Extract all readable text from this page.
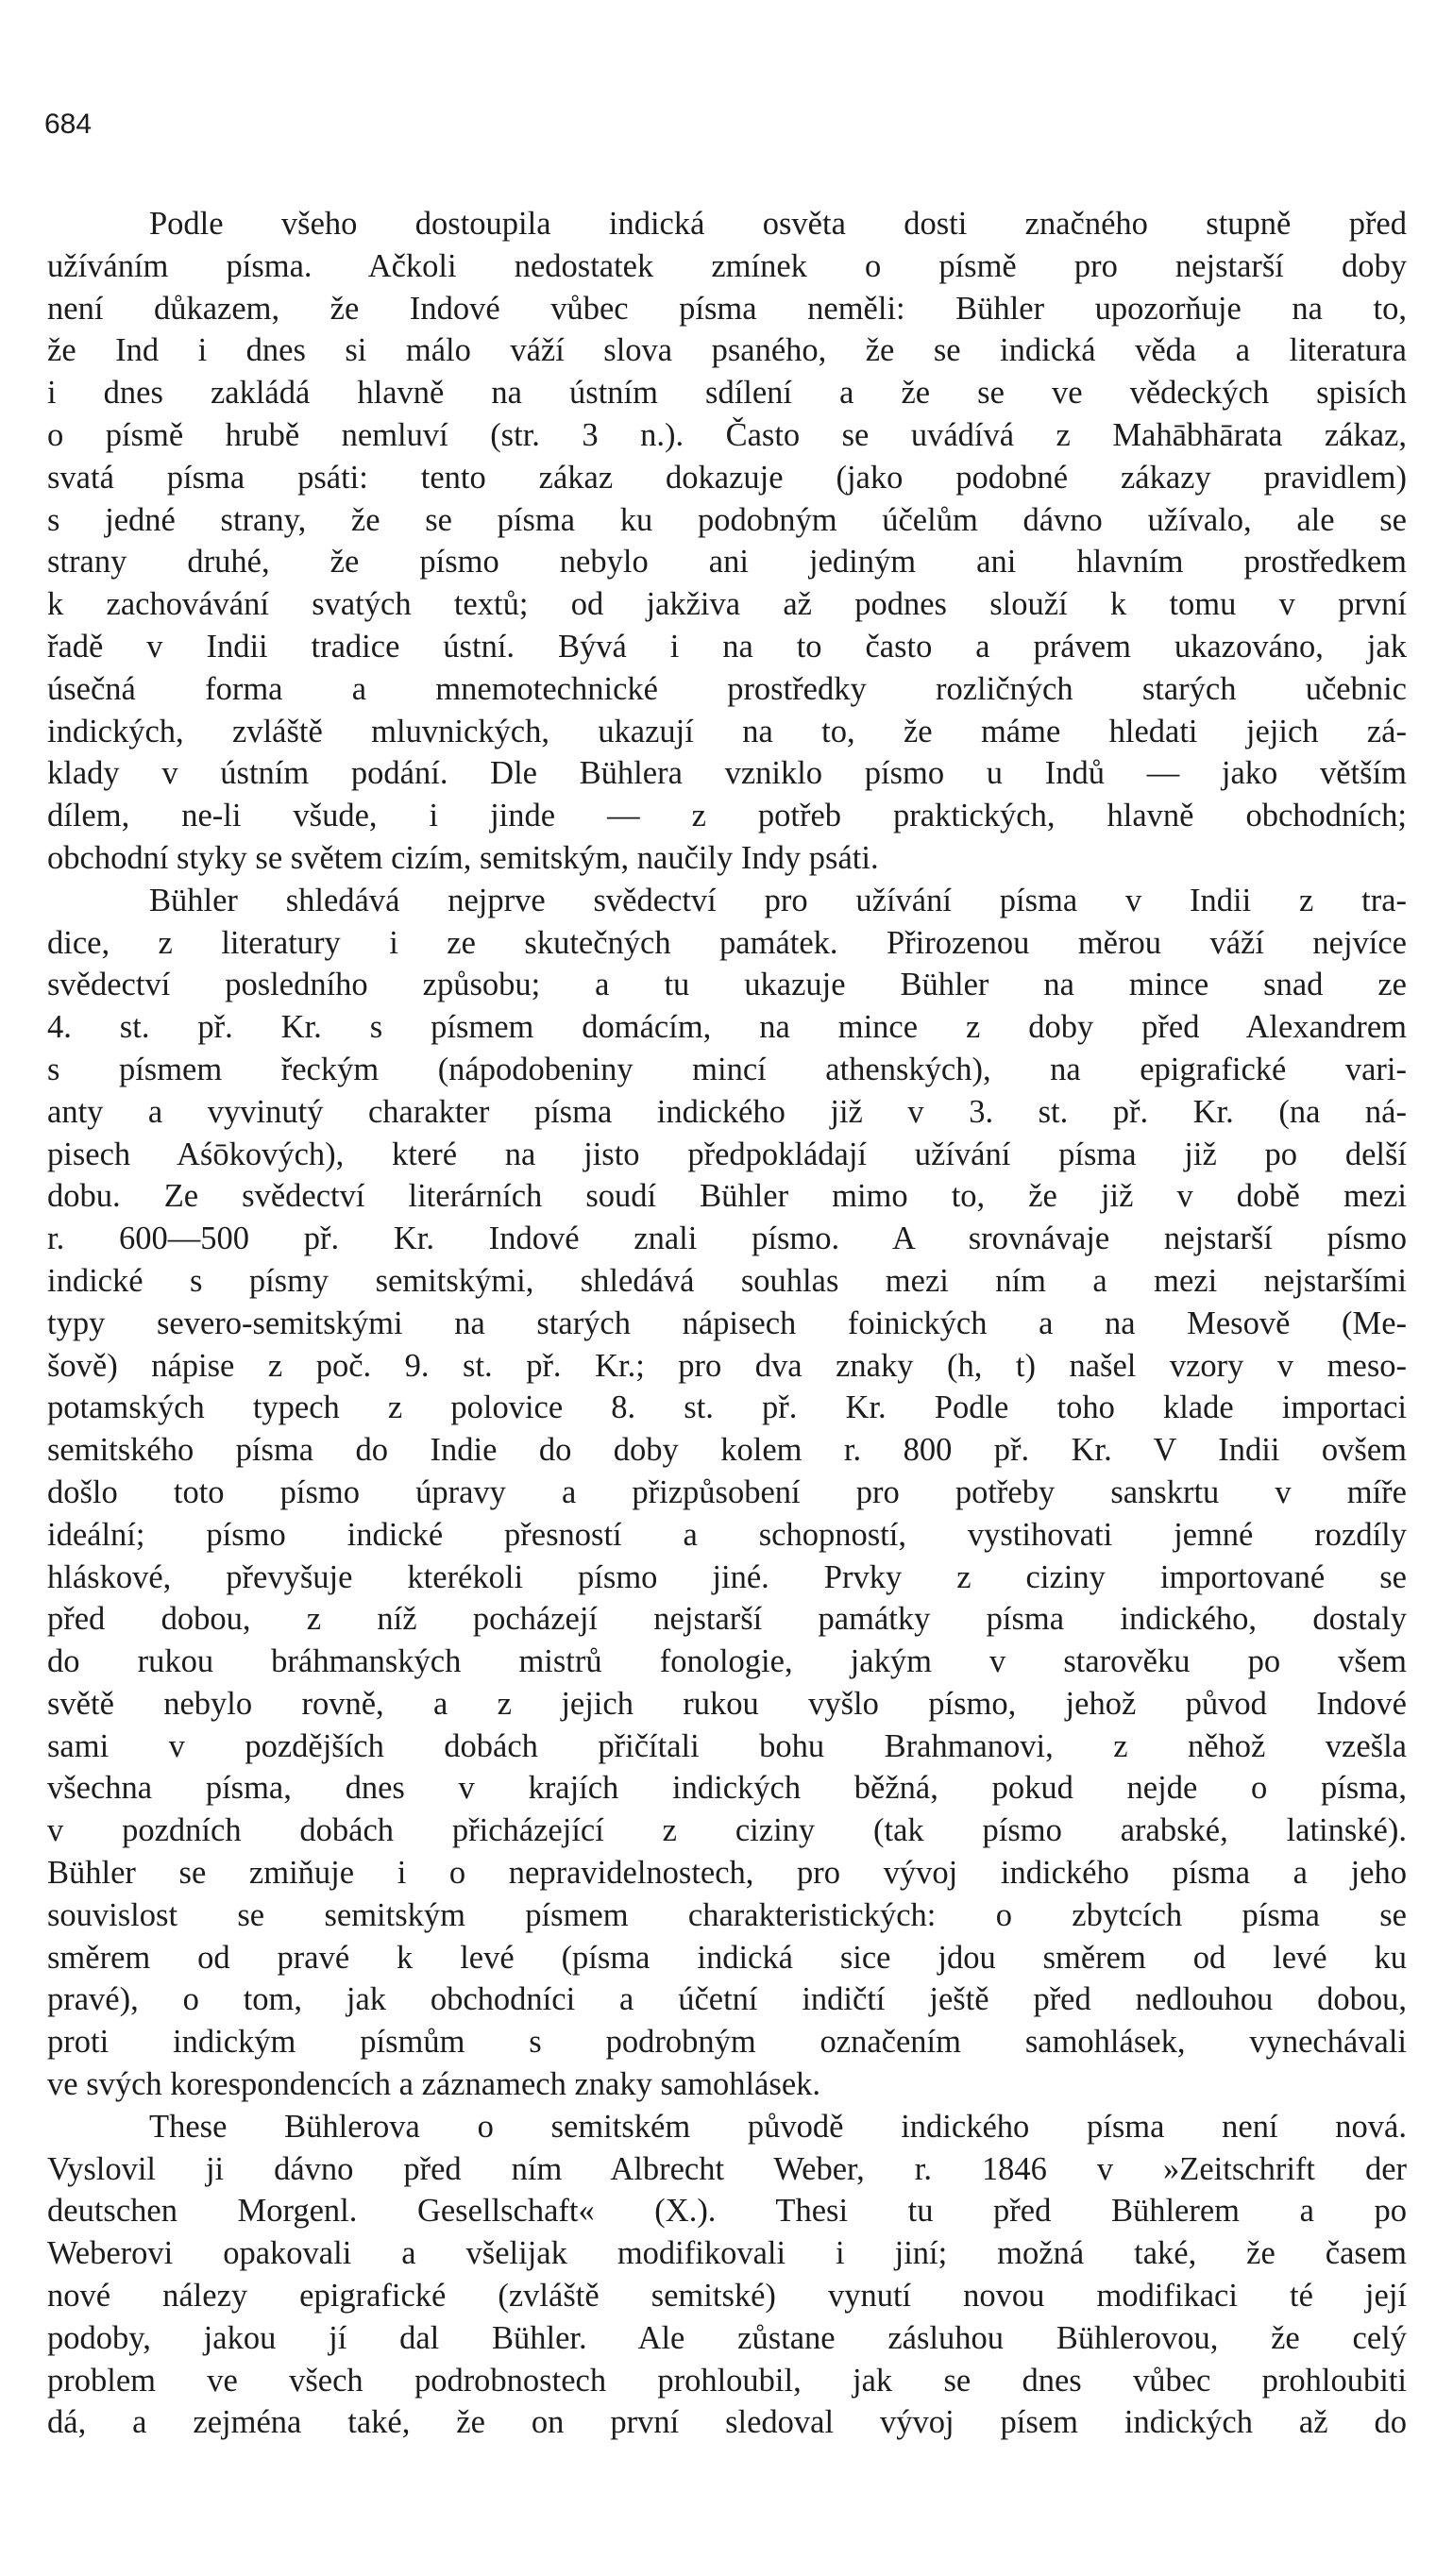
684
Podle všeho dostoupila indická osvěta dosti značného stupně před
užíváním písma. Ačkoli nedostatek zmínek o písmě pro nejstarší doby
není důkazem, že Indové vůbec písma neměli: Bühler upozorňuje na to,
že Ind i dnes si málo váží slova psaného, že se indická věda a literatura
i dnes zakládá hlavně na ústním sdílení a že se ve vědeckých spisích
o písmě hrubě nemluví (str. 3 n.). Často se uvádívá z Mahābhārata zákaz,
svatá písma psáti: tento zákaz dokazuje (jako podobné zákazy pravidlem)
s jedné strany, že se písma ku podobným účelům dávno užívalo, ale se
strany druhé, že písmo nebylo ani jediným ani hlavním prostředkem
k zachovávání svatých textů; od jakživa až podnes slouží k tomu v první
řadě v Indii tradice ústní. Bývá i na to často a právem ukazováno, jak
úsečná forma a mnemotechnické prostředky rozličných starých učebnic
indických, zvláště mluvnických, ukazují na to, že máme hledati jejich zá-
klady v ústním podání. Dle Bühlera vzniklo písmo u Indů — jako větším
dílem, ne-li všude, i jinde — z potřeb praktických, hlavně obchodních;
obchodní styky se světem cizím, semitským, naučily Indy psáti.
Bühler shledává nejprve svědectví pro užívání písma v Indii z tra-
dice, z literatury i ze skutečných památek. Přirozenou měrou váží nejvíce
svědectví posledního způsobu; a tu ukazuje Bühler na mince snad ze
4. st. př. Kr. s písmem domácím, na mince z doby před Alexandrem
s písmem řeckým (nápodobeniny mincí athenských), na epigrafické vari-
anty a vyvinutý charakter písma indického již v 3. st. př. Kr. (na ná-
pisech Aśōkových), které na jisto předpokládají užívání písma již po delší
dobu. Ze svědectví literárních soudí Bühler mimo to, že již v době mezi
r. 600—500 př. Kr. Indové znali písmo. A srovnávaje nejstarší písmo
indické s písmy semitskými, shledává souhlas mezi ním a mezi nejstaršími
typy severo-semitskými na starých nápisech foinických a na Mesově (Me-
šově) nápise z poč. 9. st. př. Kr.; pro dva znaky (h, t) našel vzory v meso-
potamských typech z polovice 8. st. př. Kr. Podle toho klade importaci
semitského písma do Indie do doby kolem r. 800 př. Kr. V Indii ovšem
došlo toto písmo úpravy a přizpůsobení pro potřeby sanskrtu v míře
ideální; písmo indické přesností a schopností, vystihovati jemné rozdíly
hláskové, převyšuje kterékoli písmo jiné. Prvky z ciziny importované se
před dobou, z níž pocházejí nejstarší památky písma indického, dostaly
do rukou bráhmanských mistrů fonologie, jakým v starověku po všem
světě nebylo rovně, a z jejich rukou vyšlo písmo, jehož původ Indové
sami v pozdějších dobách přičítali bohu Brahmanovi, z něhož vzešla
všechna písma, dnes v krajích indických běžná, pokud nejde o písma,
v pozdních dobách přicházející z ciziny (tak písmo arabské, latinské).
Bühler se zmiňuje i o nepravidelnostech, pro vývoj indického písma a jeho
souvislost se semitským písmem charakteristických: o zbytcích písma se
směrem od pravé k levé (písma indická sice jdou směrem od levé ku
pravé), o tom, jak obchodníci a účetní indičtí ještě před nedlouhou dobou,
proti indickým písmům s podrobným označením samohlásek, vynechávali
ve svých korespondencích a záznamech znaky samohlásek.
These Bühlerova o semitském původě indického písma není nová.
Vyslovil ji dávno před ním Albrecht Weber, r. 1846 v »Zeitschrift der
deutschen Morgenl. Gesellschaft« (X.). Thesi tu před Bühlerem a po
Weberovi opakovali a všelijak modifikovali i jiní; možná také, že časem
nové nálezy epigrafické (zvláště semitské) vynutí novou modifikaci té její
podoby, jakou jí dal Bühler. Ale zůstane zásluhou Bühlerovou, že celý
problem ve všech podrobnostech prohloubil, jak se dnes vůbec prohloubiti
dá, a zejména také, že on první sledoval vývoj písem indických až do
